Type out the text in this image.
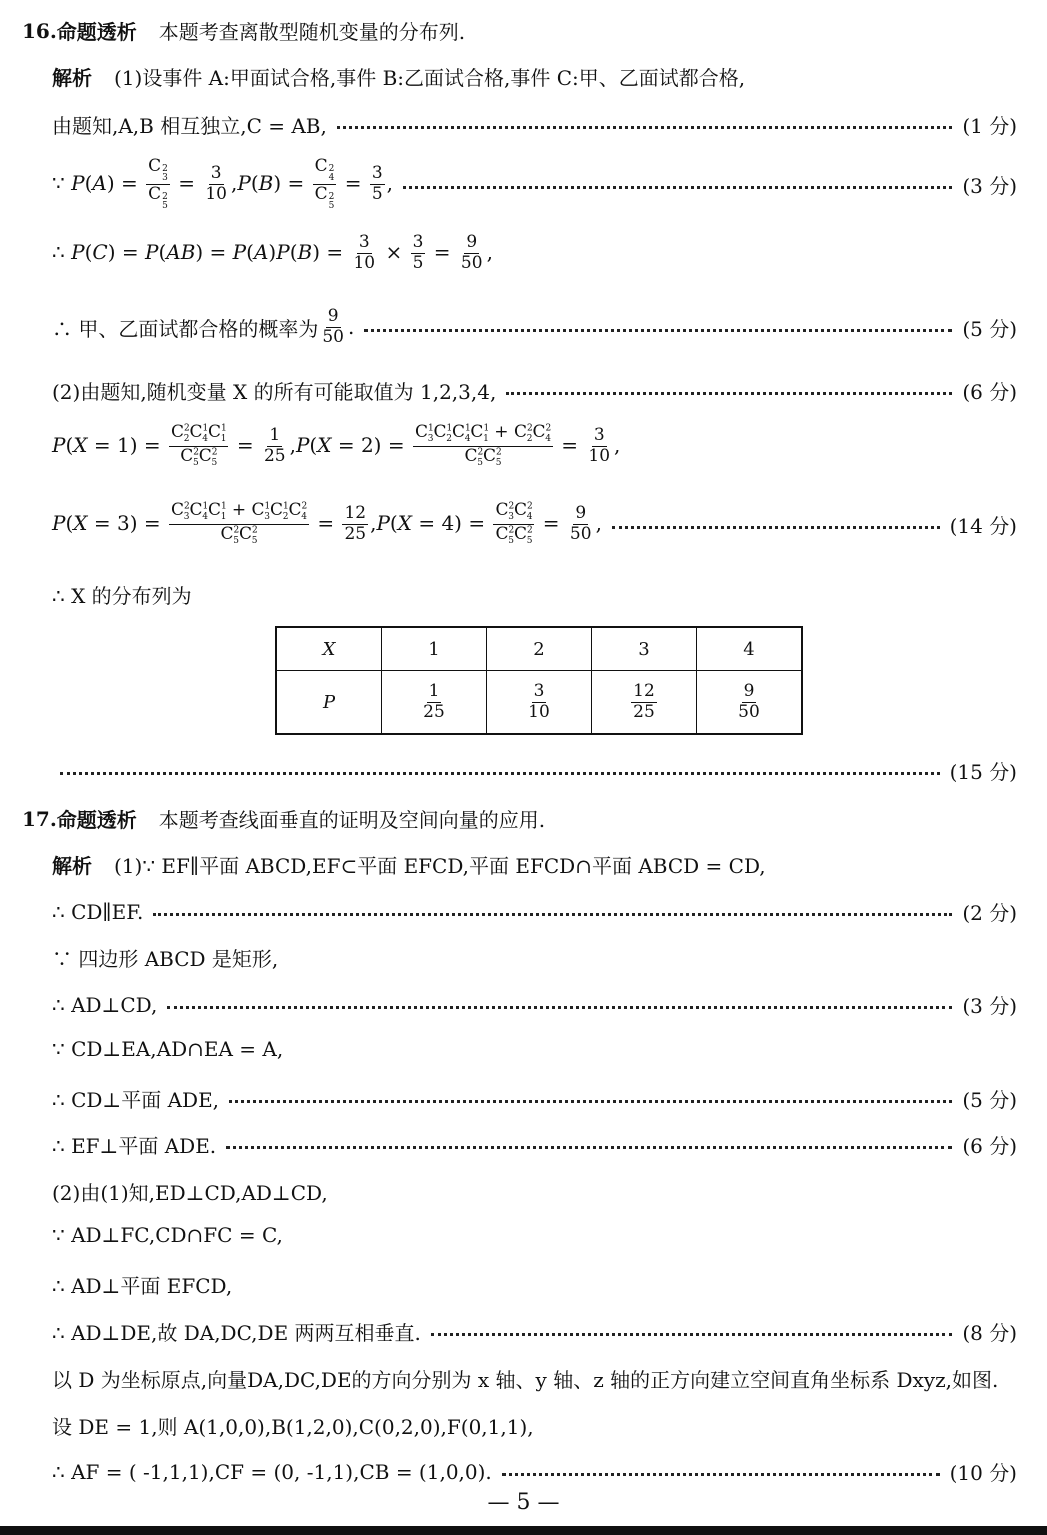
16. 命题透析 本题考查离散型随机变量的分布列.
解析 (1)设事件 A:甲面试合格,事件 B:乙面试合格,事件 C:甲、乙面试都合格,
由题知,A,B 相互独立,C = AB,	(1 分)
∵ P(A) = C 2
3
C 2
$5 = \frac{3}{10} ,P(B) = C$ 2
4
C 2
$5 = \frac{3}{5}$ ,	(3 分)
∴ $P(C) = P(AB) = P(A)P(B) = \frac{3}{10} \times \frac{3}{5} = \frac{9}{50}$ ,
∴ 甲、乙面试都合格的概率为 $\frac{9}{50}$ .	(5 分)
(2)由题知,随机变量 X 的所有可能取值为 1,2,3,4,	(6 分)
$P(X = 1) = \frac{C^2_2C^1_4C^1_1}{C^2_5C^2_5} = \frac{1}{25} ,P(X = 2) = \frac{C^1_3C^1_2C^1_4C^1_1 + C^2_2C^2_4}{C^2_5C^2_5} = \frac{3}{10}$ ,
$P(X = 3) = \frac{C^2_3C^1_4C^1_1 + C^1_3C^1_2C^2_4}{C^2_5C^2_5} = \frac{12}{25} ,P(X = 4) = \frac{C^2_3C^2_4}{C^2_5C^2_5} = \frac{9}{50}$ ,	(14 分)
∴ X 的分布列为
X	1	2	3	4
P	$\frac{1}{25}$	$\frac{3}{10}$	$\frac{12}{25}$	$\frac{9}{50}$
(15 分)
17. 命题透析 本题考查线面垂直的证明及空间向量的应用.
解析 (1)∵ EF∥平面 ABCD,EF⊂平面 EFCD,平面 EFCD∩平面 ABCD = CD,
∴ CD∥EF.	(2 分)
∵ 四边形 ABCD 是矩形,
∴ AD⊥CD,	(3 分)
∵ CD⊥EA,AD∩EA = A,
∴ CD⊥平面 ADE,	(5 分)
∴ EF⊥平面 ADE.	(6 分)
(2)由(1)知,ED⊥CD,AD⊥CD,
∵ AD⊥FC,CD∩FC = C,
∴ AD⊥平面 EFCD,
∴ AD⊥DE,故 DA,DC,DE 两两互相垂直.	(8 分)
以 D 为坐标原点,向量DA,DC,DE的方向分别为 x 轴、y 轴、z 轴的正方向建立空间直角坐标系 Dxyz,如图.
设 DE = 1,则 A(1,0,0),B(1,2,0),C(0,2,0),F(0,1,1),
∴ AF = ( -1,1,1),CF = (0, -1,1),CB = (1,0,0).	(10 分)
— 5 —
